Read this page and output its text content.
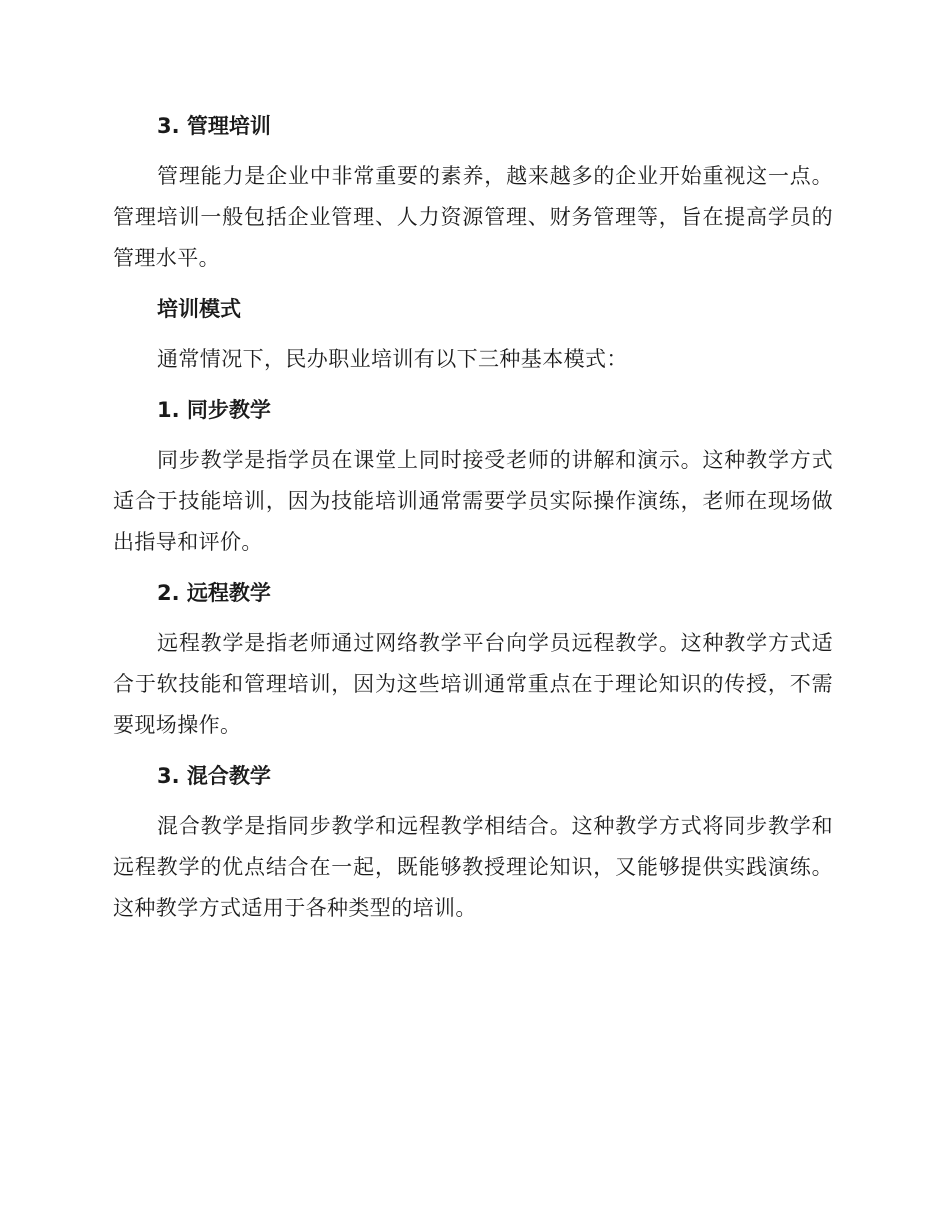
3. 管理培训

管理能力是企业中非常重要的素养，越来越多的企业开始重视这一点。管理培训一般包括企业管理、人力资源管理、财务管理等，旨在提高学员的管理水平。

培训模式

通常情况下，民办职业培训有以下三种基本模式：

1. 同步教学

同步教学是指学员在课堂上同时接受老师的讲解和演示。这种教学方式适合于技能培训，因为技能培训通常需要学员实际操作演练，老师在现场做出指导和评价。

2. 远程教学

远程教学是指老师通过网络教学平台向学员远程教学。这种教学方式适合于软技能和管理培训，因为这些培训通常重点在于理论知识的传授，不需要现场操作。

3. 混合教学

混合教学是指同步教学和远程教学相结合。这种教学方式将同步教学和远程教学的优点结合在一起，既能够教授理论知识，又能够提供实践演练。这种教学方式适用于各种类型的培训。
